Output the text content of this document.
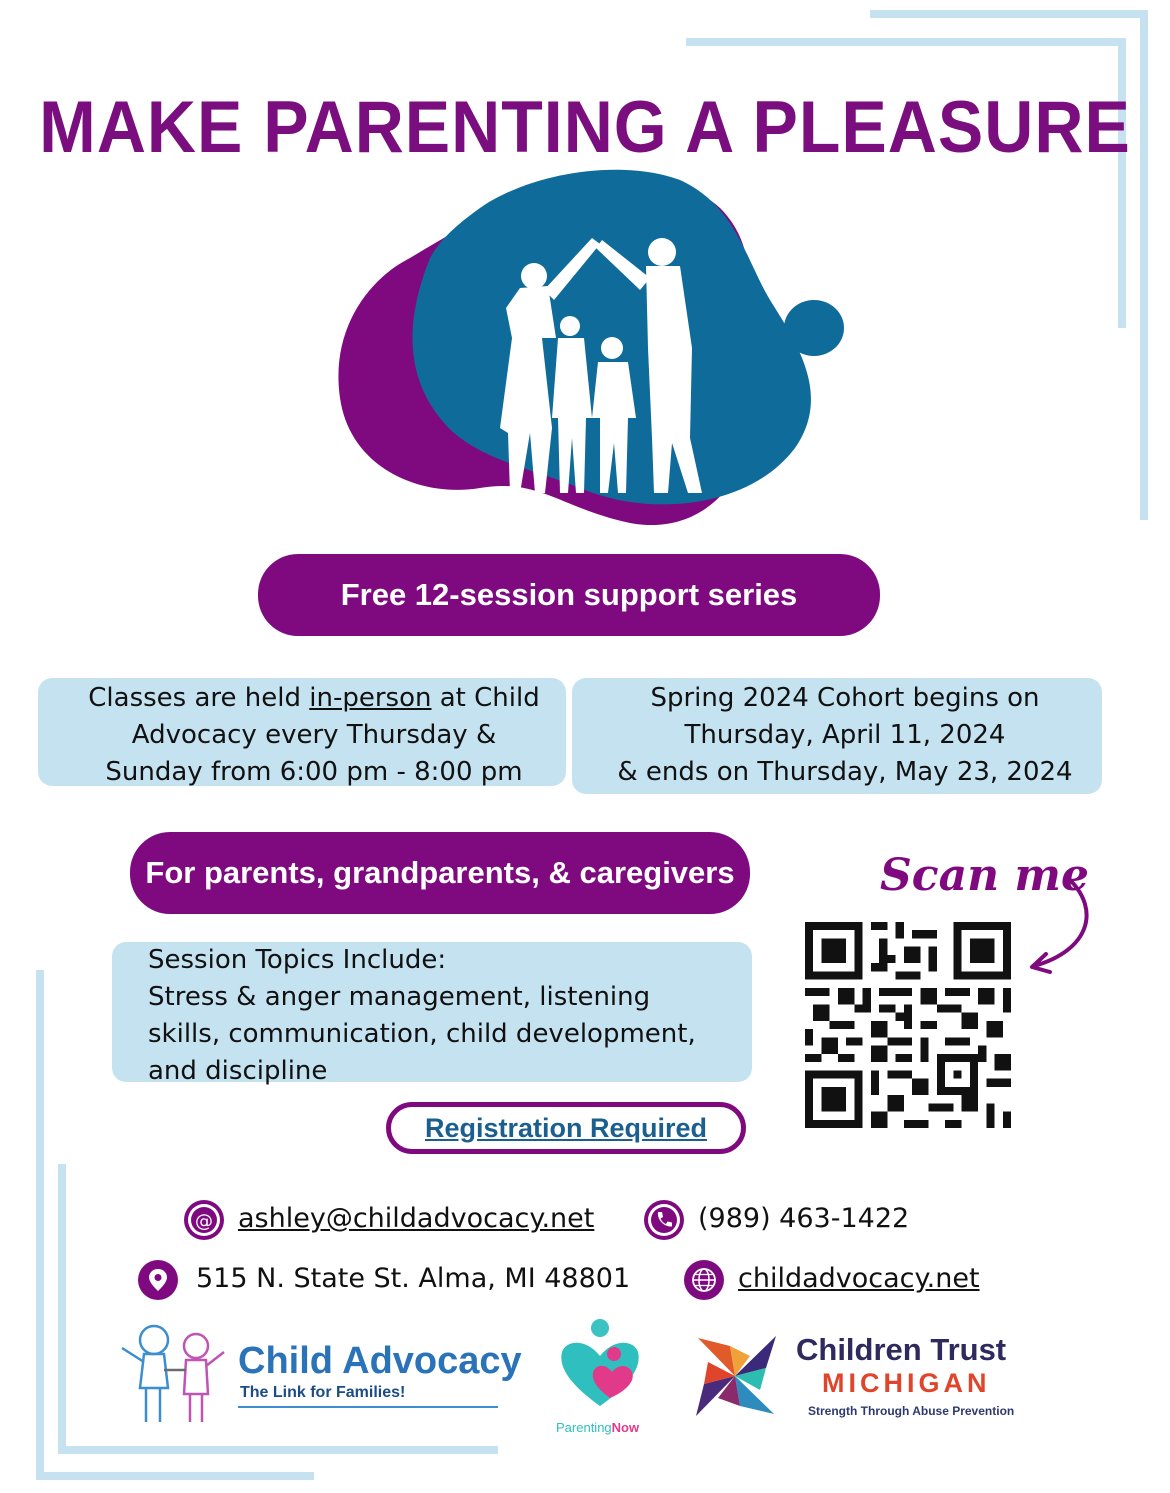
MAKE PARENTING A PLEASURE
Free 12-session support series
Classes are held in-person at Child
Advocacy every Thursday &
Sunday from 6:00 pm - 8:00 pm
Spring 2024 Cohort begins on
Thursday, April 11, 2024
& ends on Thursday, May 23, 2024
For parents, grandparents, & caregivers
Session Topics Include:
Stress & anger management, listening
skills, communication, child development,
and discipline
Registration Required
Scan me
@ ashley@childadvocacy.net	(989) 463-1422
515 N. State St. Alma, MI 48801	childadvocacy.net
Child Advocacy
The Link for Families!
ParentingNow
Children Trust
MICHIGAN
Strength Through Abuse Prevention
